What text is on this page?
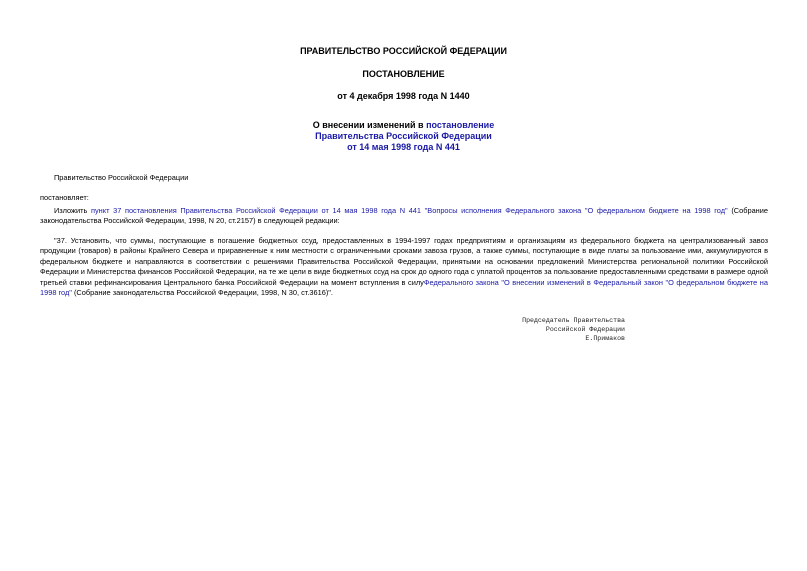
ПРАВИТЕЛЬСТВО РОССИЙСКОЙ ФЕДЕРАЦИИ
ПОСТАНОВЛЕНИЕ
от 4 декабря 1998 года N 1440
О внесении изменений в постановление
Правительства Российской Федерации
от 14 мая 1998 года N 441
Правительство Российской Федерации
постановляет:
Изложить пункт 37 постановления Правительства Российской Федерации от 14 мая 1998 года N 441 "Вопросы исполнения Федерального закона "О федеральном бюджете на 1998 год" (Собрание законодательства Российской Федерации, 1998, N 20, ст.2157) в следующей редакции:
"37. Установить, что суммы, поступающие в погашение бюджетных ссуд, предоставленных в 1994-1997 годах предприятиям и организациям из федерального бюджета на централизованный завоз продукции (товаров) в районы Крайнего Севера и приравненные к ним местности с ограниченными сроками завоза грузов, а также суммы, поступающие в виде платы за пользование ими, аккумулируются в федеральном бюджете и направляются в соответствии с решениями Правительства Российской Федерации, принятыми на основании предложений Министерства региональной политики Российской Федерации и Министерства финансов Российской Федерации, на те же цели в виде бюджетных ссуд на срок до одного года с уплатой процентов за пользование предоставленными средствами в размере одной третьей ставки рефинансирования Центрального банка Российской Федерации на момент вступления в силуФедерального закона "О внесении изменений в Федеральный закон "О федеральном бюджете на 1998 год" (Собрание законодательства Российской Федерации, 1998, N 30, ст.3616)".
Председатель Правительства
Российской Федерации
Е.Примаков
